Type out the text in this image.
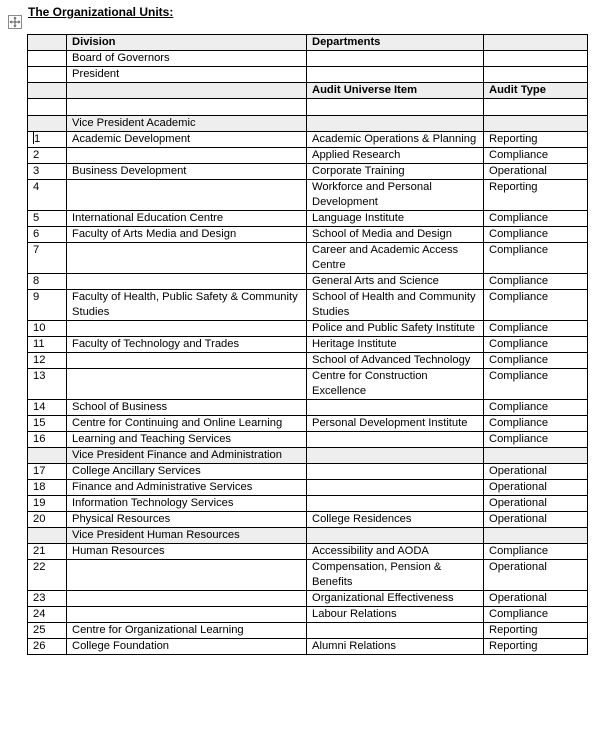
The Organizational Units:
	Division	Departments	
	Board of Governors		
	President		
		Audit Universe Item	Audit Type

	Vice President Academic		
1	Academic Development	Academic Operations & Planning	Reporting
2		Applied Research	Compliance
3	Business Development	Corporate Training	Operational
4		Workforce and Personal Development	Reporting
5	International Education Centre	Language Institute	Compliance
6	Faculty of Arts Media and Design	School of Media and Design	Compliance
7		Career and Academic Access Centre	Compliance
8		General Arts and Science	Compliance
9	Faculty of Health, Public Safety & Community Studies	School of Health and Community Studies	Compliance
10		Police and Public Safety Institute	Compliance
11	Faculty of Technology and Trades	Heritage Institute	Compliance
12		School of Advanced Technology	Compliance
13		Centre for Construction Excellence	Compliance
14	School of Business		Compliance
15	Centre for Continuing and Online Learning	Personal Development Institute	Compliance
16	Learning and Teaching Services		Compliance
	Vice President Finance and Administration		
17	College Ancillary Services		Operational
18	Finance and Administrative Services		Operational
19	Information Technology Services		Operational
20	Physical Resources	College Residences	Operational
	Vice President Human Resources		
21	Human Resources	Accessibility and AODA	Compliance
22		Compensation, Pension & Benefits	Operational
23		Organizational Effectiveness	Operational
24		Labour Relations	Compliance
25	Centre for Organizational Learning		Reporting
26	College Foundation	Alumni Relations	Reporting
